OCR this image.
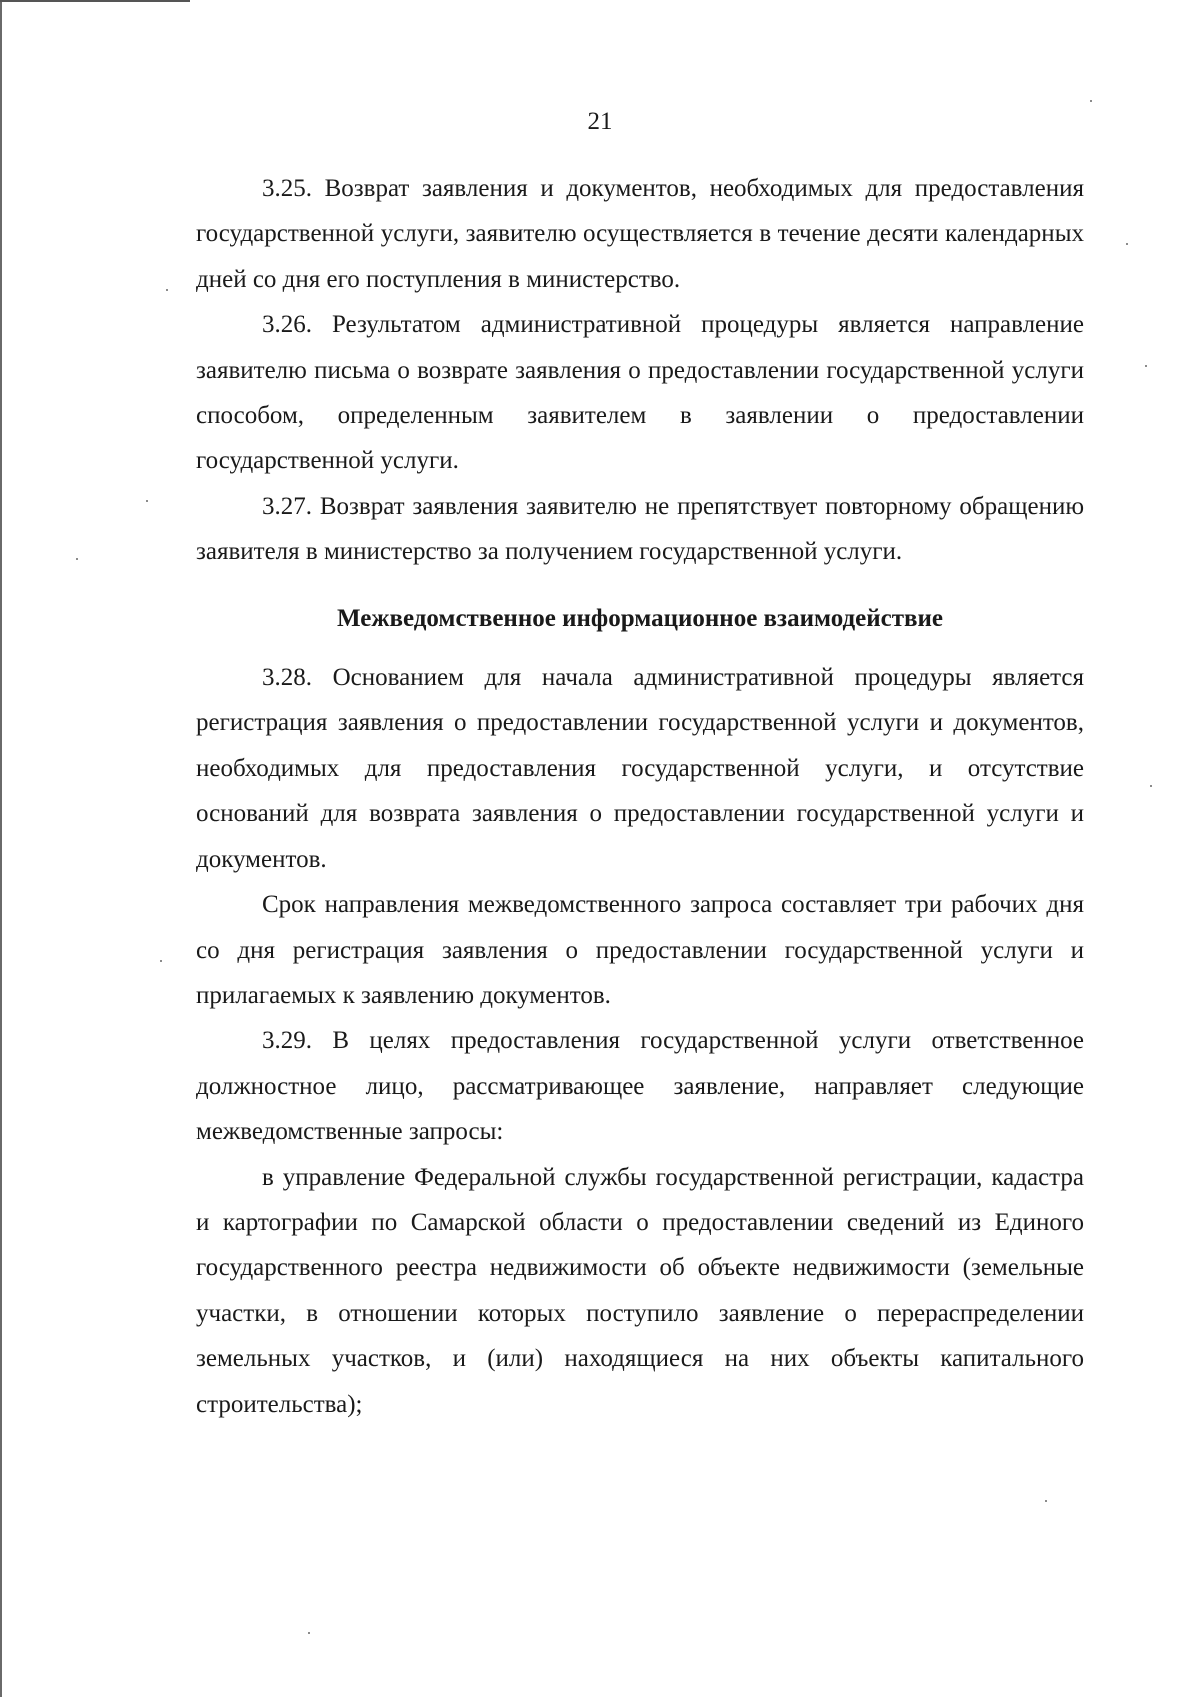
21

3.25. Возврат заявления и документов, необходимых для предоставления государственной услуги, заявителю осуществляется в течение десяти календарных дней со дня его поступления в министерство.

3.26. Результатом административной процедуры является направление заявителю письма о возврате заявления о предоставлении государственной услуги способом, определенным заявителем в заявлении о предоставлении государственной услуги.

3.27. Возврат заявления заявителю не препятствует повторному обращению заявителя в министерство за получением государственной услуги.

Межведомственное информационное взаимодействие

3.28. Основанием для начала административной процедуры является регистрация заявления о предоставлении государственной услуги и документов, необходимых для предоставления государственной услуги, и отсутствие оснований для возврата заявления о предоставлении государственной услуги и документов.

Срок направления межведомственного запроса составляет три рабочих дня со дня регистрация заявления о предоставлении государственной услуги и прилагаемых к заявлению документов.

3.29. В целях предоставления государственной услуги ответственное должностное лицо, рассматривающее заявление, направляет следующие межведомственные запросы:

в управление Федеральной службы государственной регистрации, кадастра и картографии по Самарской области о предоставлении сведений из Единого государственного реестра недвижимости об объекте недвижимости (земельные участки, в отношении которых поступило заявление о перераспределении земельных участков, и (или) находящиеся на них объекты капитального строительства);
